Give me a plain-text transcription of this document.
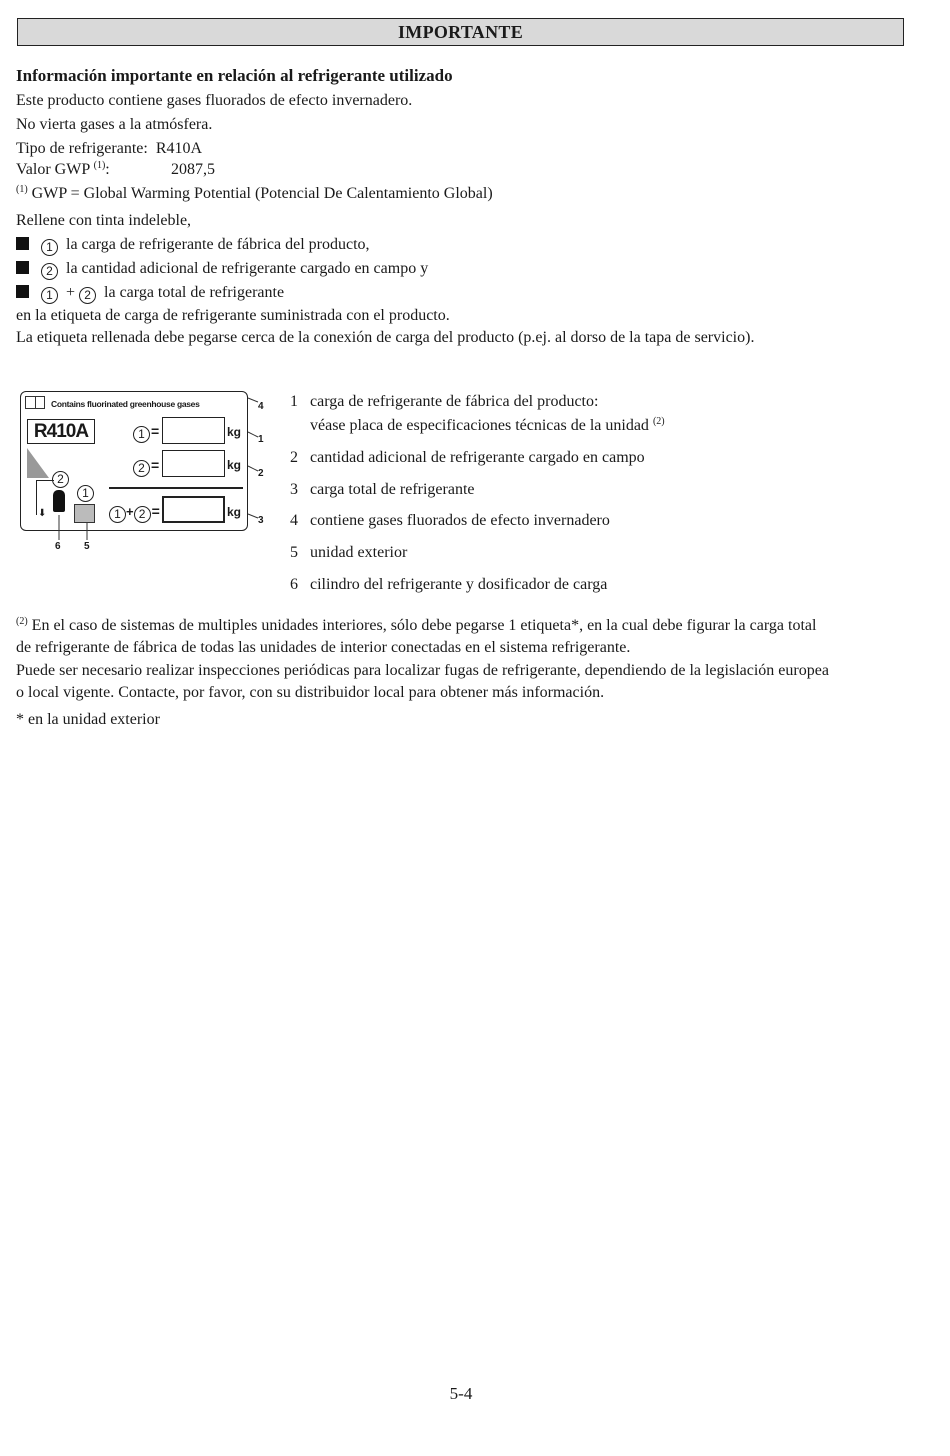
IMPORTANTE
Información importante en relación al refrigerante utilizado
Este producto contiene gases fluorados de efecto invernadero.
No vierta gases a la atmósfera.
Tipo de refrigerante: R410A
Valor GWP $^{(1)}$:	2087,5
$^{(1)}$ GWP = Global Warming Potential (Potencial De Calentamiento Global)
Rellene con tinta indeleble,
1 la carga de refrigerante de fábrica del producto,
2 la cantidad adicional de refrigerante cargado en campo y
1 + 2 la carga total de refrigerante
en la etiqueta de carga de refrigerante suministrada con el producto.
La etiqueta rellenada debe pegarse cerca de la conexión de carga del producto (p.ej. al dorso de la tapa de servicio).
Contains fluorinated greenhouse gases
R410A	1 =	kg
2 =	kg
1 + 2 =	kg
2
1
⬇
4
1
2
3
6 5
1 carga de refrigerante de fábrica del producto:
véase placa de especificaciones técnicas de la unidad $^{(2)}$
2 cantidad adicional de refrigerante cargado en campo
3 carga total de refrigerante
4 contiene gases fluorados de efecto invernadero
5 unidad exterior
6 cilindro del refrigerante y dosificador de carga
$^{(2)}$ En el caso de sistemas de multiples unidades interiores, sólo debe pegarse 1 etiqueta*, en la cual debe figurar la carga total
de refrigerante de fábrica de todas las unidades de interior conectadas en el sistema refrigerante.
Puede ser necesario realizar inspecciones periódicas para localizar fugas de refrigerante, dependiendo de la legislación europea
o local vigente. Contacte, por favor, con su distribuidor local para obtener más información.
* en la unidad exterior
5-4
